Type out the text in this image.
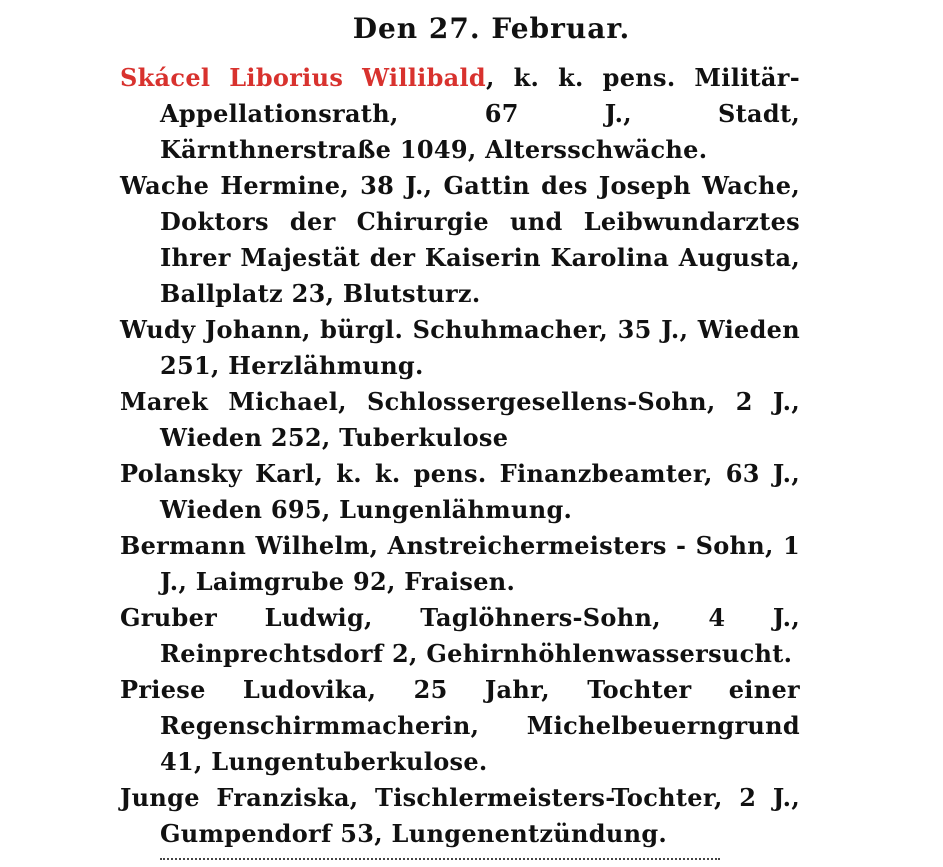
Den 27. Februar.

Skácel Liborius Willibald, k. k. pens. Militär-Appellationsrath, 67 J., Stadt, Kärnthnerstraße 1049, Altersschwäche.

Wache Hermine, 38 J., Gattin des Joseph Wache, Doktors der Chirurgie und Leibwundarztes Ihrer Majestät der Kaiserin Karolina Augusta, Ballplatz 23, Blutsturz.

Wudy Johann, bürgl. Schuhmacher, 35 J., Wieden 251, Herzlähmung.

Marek Michael, Schlossergesellens-Sohn, 2 J., Wieden 252, Tuberkulose

Polansky Karl, k. k. pens. Finanzbeamter, 63 J., Wieden 695, Lungenlähmung.

Bermann Wilhelm, Anstreichermeisters - Sohn, 1 J., Laimgrube 92, Fraisen.

Gruber Ludwig, Taglöhners-Sohn, 4 J., Reinprechtsdorf 2, Gehirnhöhlenwassersucht.

Priese Ludovika, 25 Jahr, Tochter einer Regenschirmmacherin, Michelbeuerngrund 41, Lungentuberkulose.

Junge Franziska, Tischlermeisters-Tochter, 2 J., Gumpendorf 53, Lungenentzündung.
